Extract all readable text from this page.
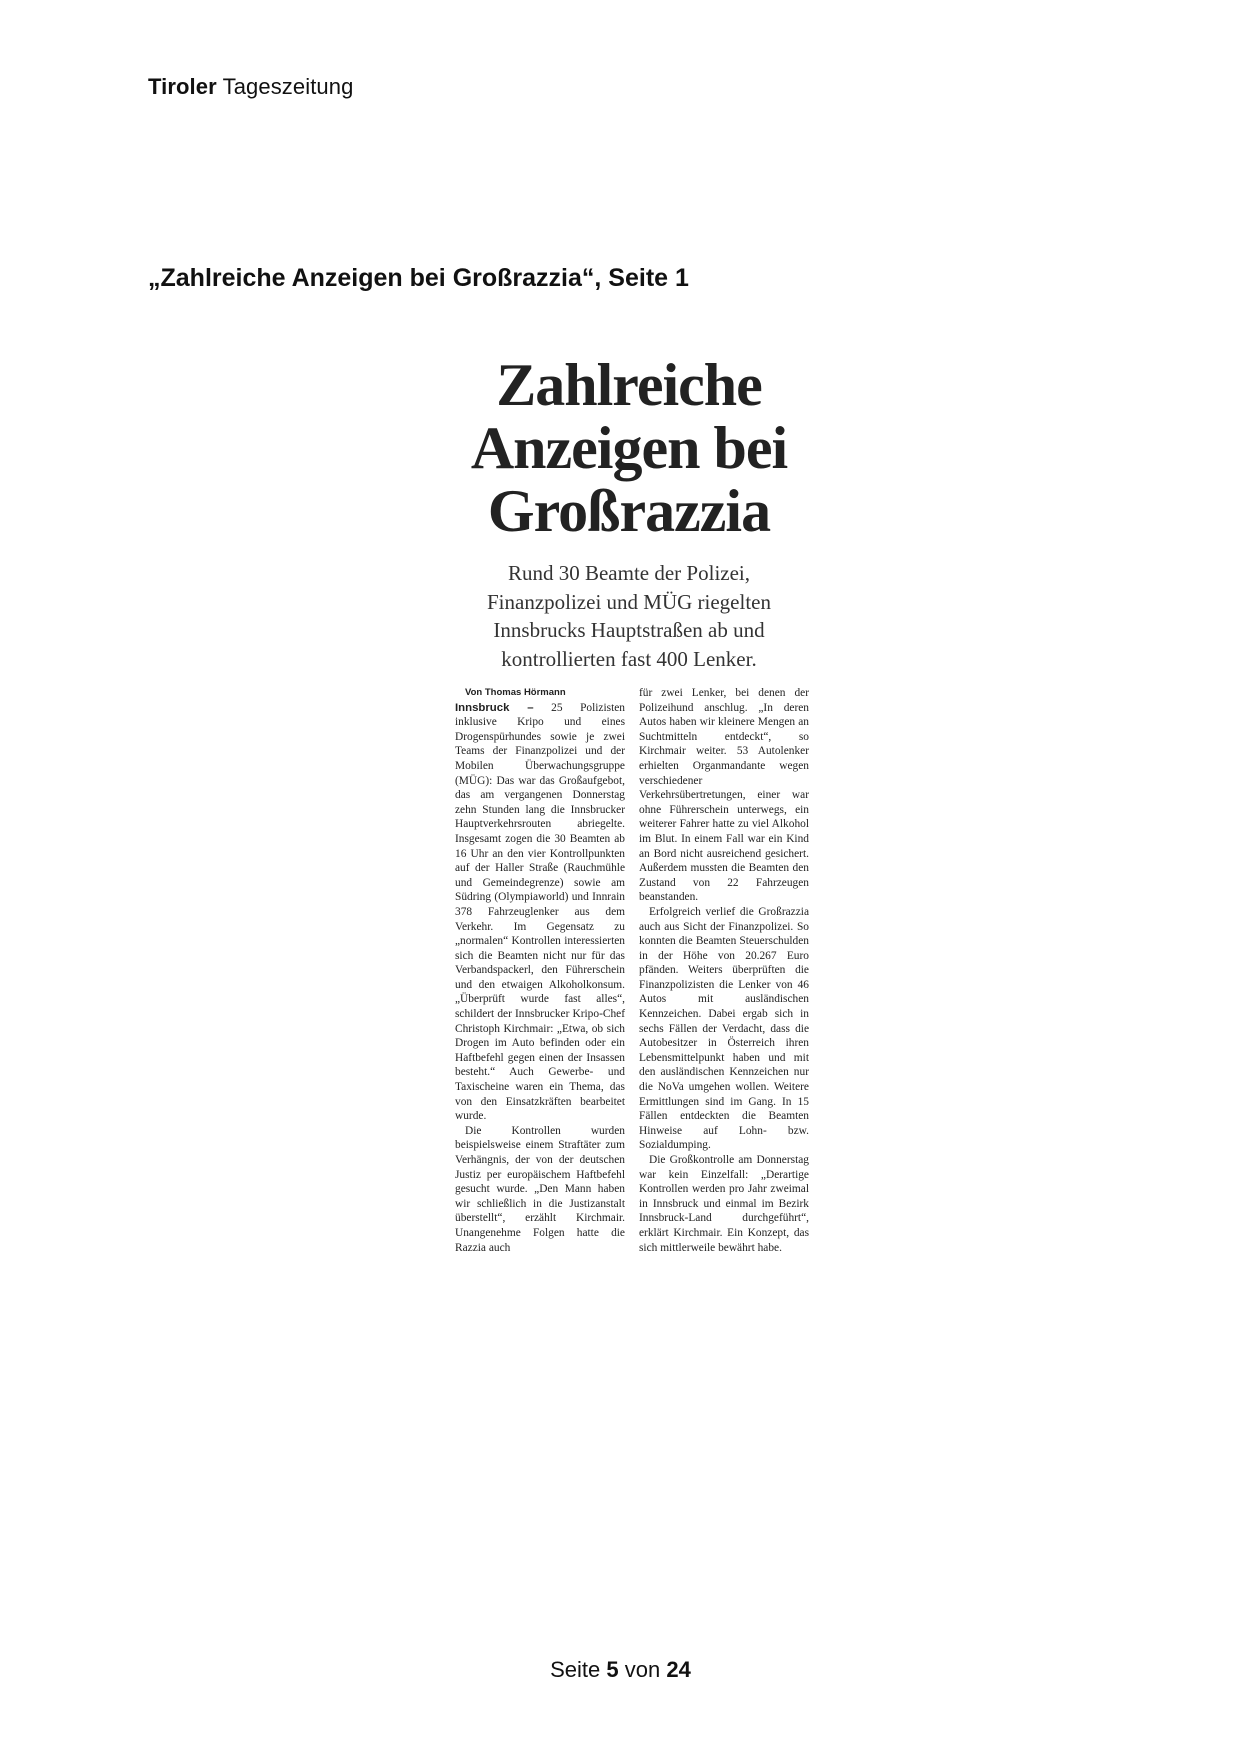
Tiroler Tageszeitung
„Zahlreiche Anzeigen bei Großrazzia“, Seite 1
Zahlreiche
Anzeigen bei
Großrazzia
Rund 30 Beamte der Polizei,
Finanzpolizei und MÜG riegelten
Innsbrucks Hauptstraßen ab und
kontrollierten fast 400 Lenker.

Von Thomas Hörmann

Innsbruck – 25 Polizisten inklusive Kripo und eines Drogenspürhundes sowie je zwei Teams der Finanzpolizei und der Mobilen Überwachungsgruppe (MÜG): Das war das Großaufgebot, das am vergangenen Donnerstag zehn Stunden lang die Innsbrucker Hauptverkehrsrouten abriegelte. Insgesamt zogen die 30 Beamten ab 16 Uhr an den vier Kontrollpunkten auf der Haller Straße (Rauchmühle und Gemeindegrenze) sowie am Südring (Olympiaworld) und Innrain 378 Fahrzeuglenker aus dem Verkehr. Im Gegensatz zu „normalen“ Kontrollen interessierten sich die Beamten nicht nur für das Verbandspackerl, den Führerschein und den etwaigen Alkoholkonsum. „Überprüft wurde fast alles“, schildert der Innsbrucker Kripo-Chef Christoph Kirchmair: „Etwa, ob sich Drogen im Auto befinden oder ein Haftbefehl gegen einen der Insassen besteht.“ Auch Gewerbe- und Taxischeine waren ein Thema, das von den Einsatzkräften bearbeitet wurde.

Die Kontrollen wurden beispielsweise einem Straftäter zum Verhängnis, der von der deutschen Justiz per europäischem Haftbefehl gesucht wurde. „Den Mann haben wir schließlich in die Justizanstalt überstellt“, erzählt Kirchmair. Unangenehme Folgen hatte die Razzia auch

für zwei Lenker, bei denen der Polizeihund anschlug. „In deren Autos haben wir kleinere Mengen an Suchtmitteln entdeckt“, so Kirchmair weiter. 53 Autolenker erhielten Organmandante wegen verschiedener Verkehrsübertretungen, einer war ohne Führerschein unterwegs, ein weiterer Fahrer hatte zu viel Alkohol im Blut. In einem Fall war ein Kind an Bord nicht ausreichend gesichert. Außerdem mussten die Beamten den Zustand von 22 Fahrzeugen beanstanden.

Erfolgreich verlief die Großrazzia auch aus Sicht der Finanzpolizei. So konnten die Beamten Steuerschulden in der Höhe von 20.267 Euro pfänden. Weiters überprüften die Finanzpolizisten die Lenker von 46 Autos mit ausländischen Kennzeichen. Dabei ergab sich in sechs Fällen der Verdacht, dass die Autobesitzer in Österreich ihren Lebensmittelpunkt haben und mit den ausländischen Kennzeichen nur die NoVa umgehen wollen. Weitere Ermittlungen sind im Gang. In 15 Fällen entdeckten die Beamten Hinweise auf Lohn- bzw. Sozialdumping.

Die Großkontrolle am Donnerstag war kein Einzelfall: „Derartige Kontrollen werden pro Jahr zweimal in Innsbruck und einmal im Bezirk Innsbruck-Land durchgeführt“, erklärt Kirchmair. Ein Konzept, das sich mittlerweile bewährt habe.

Seite 5 von 24
